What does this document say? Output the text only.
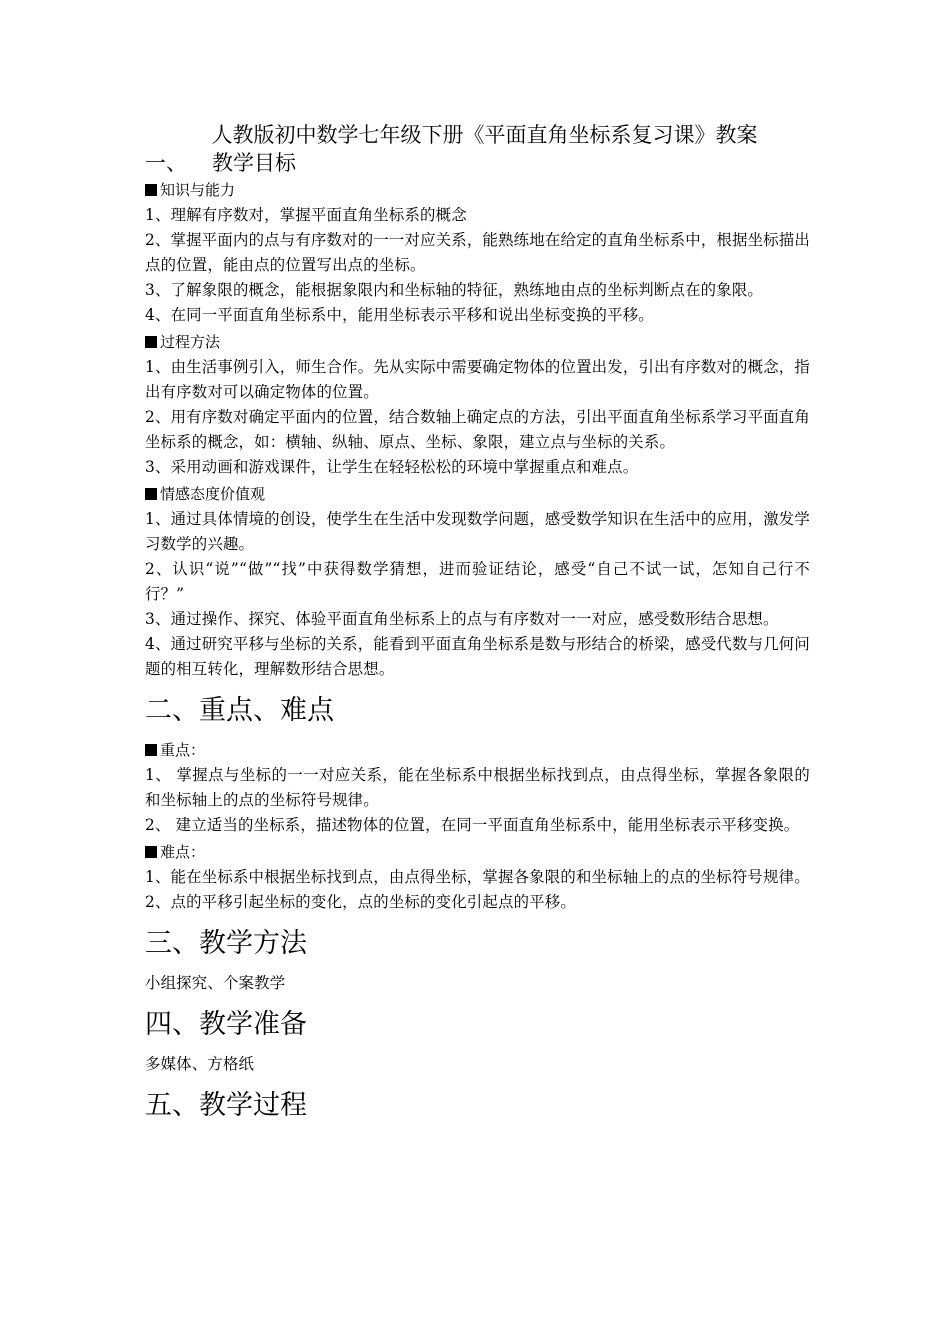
人教版初中数学七年级下册《平面直角坐标系复习课》教案
一、 教学目标
知识与能力
1、理解有序数对，掌握平面直角坐标系的概念
2、掌握平面内的点与有序数对的一一对应关系，能熟练地在给定的直角坐标系中，根据坐标描出点的位置，能由点的位置写出点的坐标。
3、了解象限的概念，能根据象限内和坐标轴的特征，熟练地由点的坐标判断点在的象限。
4、在同一平面直角坐标系中，能用坐标表示平移和说出坐标变换的平移。
过程方法
1、由生活事例引入，师生合作。先从实际中需要确定物体的位置出发，引出有序数对的概念，指出有序数对可以确定物体的位置。
2、用有序数对确定平面内的位置，结合数轴上确定点的方法，引出平面直角坐标系学习平面直角坐标系的概念，如：横轴、纵轴、原点、坐标、象限，建立点与坐标的关系。
3、采用动画和游戏课件，让学生在轻轻松松的环境中掌握重点和难点。
情感态度价值观
1、通过具体情境的创设，使学生在生活中发现数学问题，感受数学知识在生活中的应用，激发学习数学的兴趣。
2、认识“说”“做”“找”中获得数学猜想，进而验证结论，感受“自己不试一试，怎知自己行不行？”
3、通过操作、探究、体验平面直角坐标系上的点与有序数对一一对应，感受数形结合思想。
4、通过研究平移与坐标的关系，能看到平面直角坐标系是数与形结合的桥梁，感受代数与几何问题的相互转化，理解数形结合思想。
二、重点、难点
重点：
1、 掌握点与坐标的一一对应关系，能在坐标系中根据坐标找到点，由点得坐标，掌握各象限的和坐标轴上的点的坐标符号规律。
2、 建立适当的坐标系，描述物体的位置，在同一平面直角坐标系中，能用坐标表示平移变换。
难点：
1、能在坐标系中根据坐标找到点，由点得坐标，掌握各象限的和坐标轴上的点的坐标符号规律。
2、点的平移引起坐标的变化，点的坐标的变化引起点的平移。
三、教学方法
小组探究、个案教学
四、教学准备
多媒体、方格纸
五、教学过程
